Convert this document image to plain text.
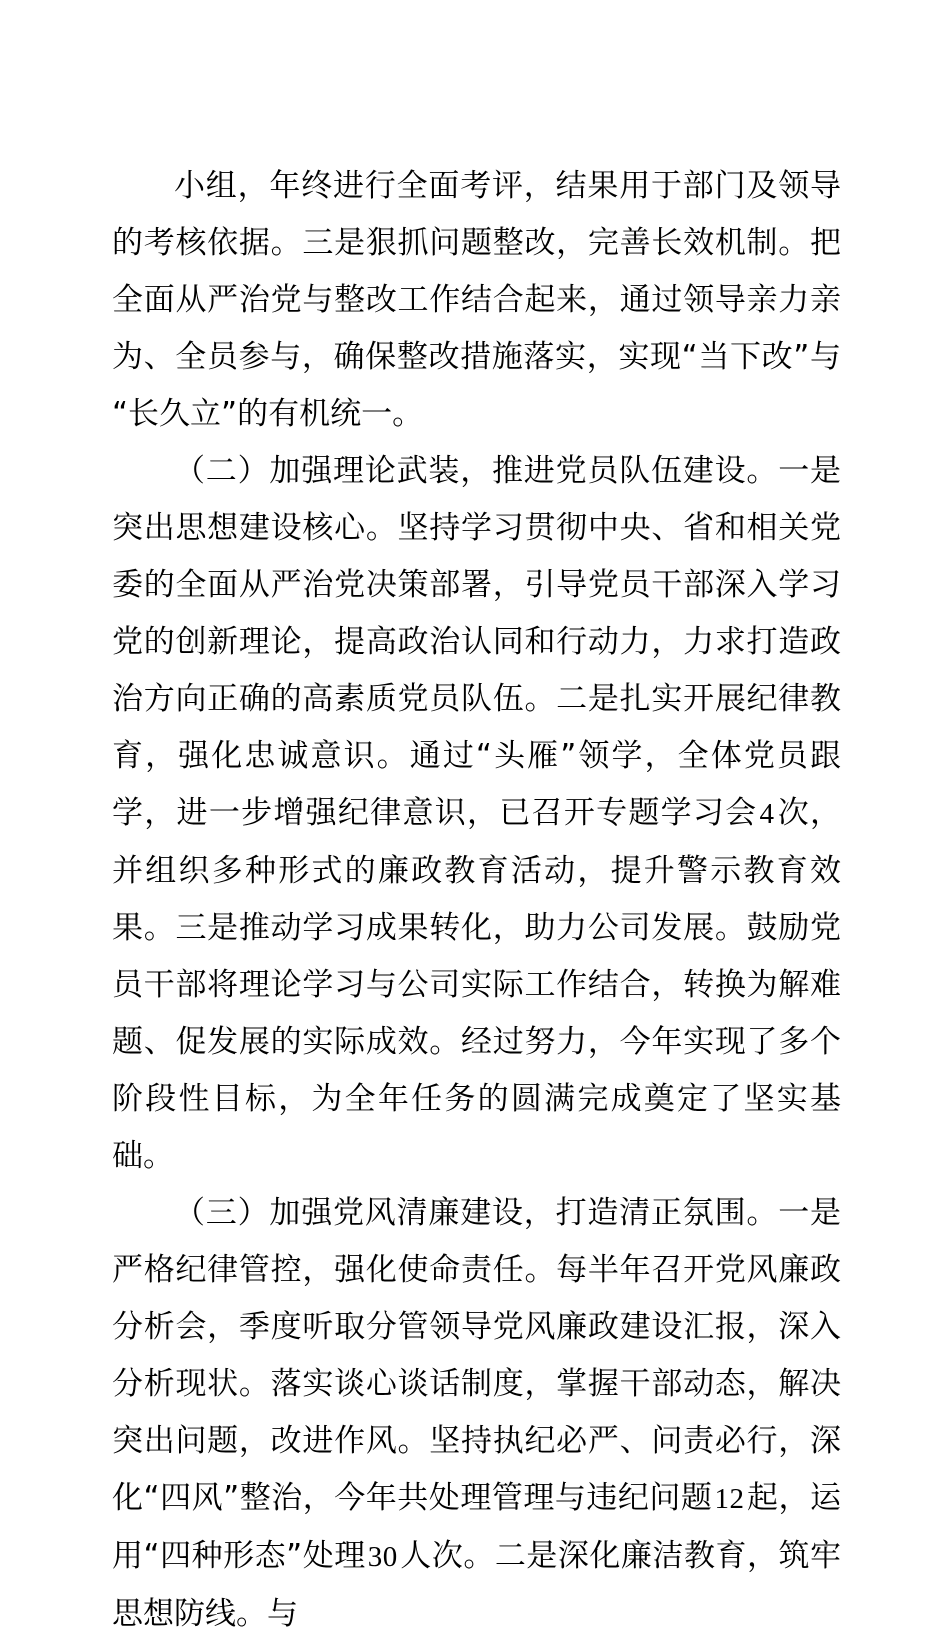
小组，年终进行全面考评，结果用于部门及领导的考核依据。三是狠抓问题整改，完善长效机制。把全面从严治党与整改工作结合起来，通过领导亲力亲为、全员参与，确保整改措施落实，实现“当下改”与“长久立”的有机统一。

（二）加强理论武装，推进党员队伍建设。一是突出思想建设核心。坚持学习贯彻中央、省和相关党委的全面从严治党决策部署，引导党员干部深入学习党的创新理论，提高政治认同和行动力，力求打造政治方向正确的高素质党员队伍。二是扎实开展纪律教育，强化忠诚意识。通过“头雁”领学，全体党员跟学，进一步增强纪律意识，已召开专题学习会4次，并组织多种形式的廉政教育活动，提升警示教育效果。三是推动学习成果转化，助力公司发展。鼓励党员干部将理论学习与公司实际工作结合，转换为解难题、促发展的实际成效。经过努力，今年实现了多个阶段性目标，为全年任务的圆满完成奠定了坚实基础。

（三）加强党风清廉建设，打造清正氛围。一是严格纪律管控，强化使命责任。每半年召开党风廉政分析会，季度听取分管领导党风廉政建设汇报，深入分析现状。落实谈心谈话制度，掌握干部动态，解决突出问题，改进作风。坚持执纪必严、问责必行，深化“四风”整治，今年共处理管理与违纪问题12起，运用“四种形态”处理30人次。二是深化廉洁教育，筑牢思想防线。与
